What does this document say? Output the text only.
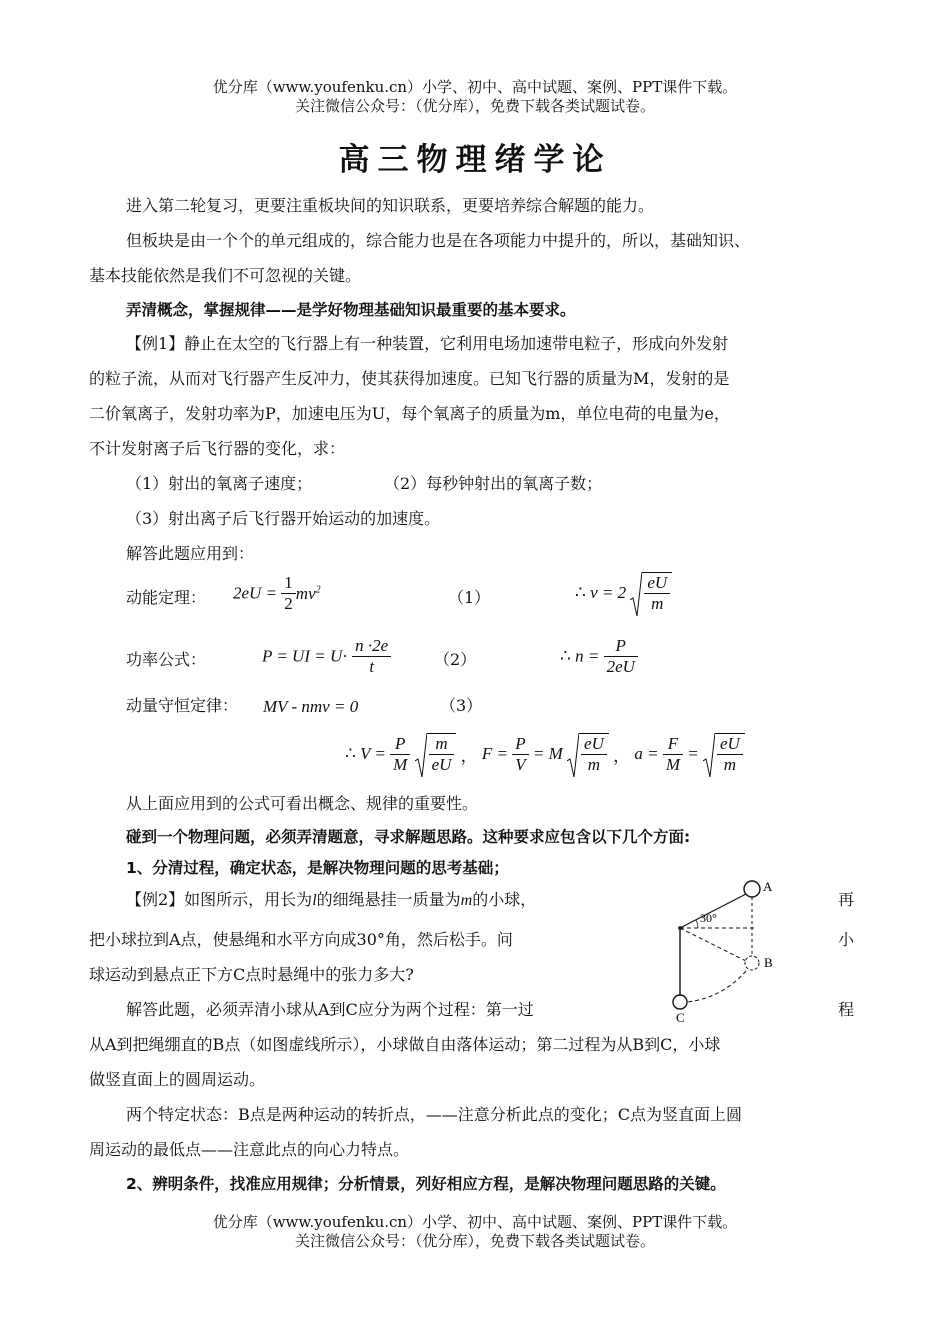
优分库（www.youfenku.cn）小学、初中、高中试题、案例、PPT课件下载。
关注微信公众号：（优分库），免费下载各类试题试卷。
高三物理绪学论
进入第二轮复习，更要注重板块间的知识联系，更要培养综合解题的能力。
但板块是由一个个的单元组成的，综合能力也是在各项能力中提升的，所以，基础知识、
基本技能依然是我们不可忽视的关键。
弄清概念，掌握规律——是学好物理基础知识最重要的基本要求。
【例1】静止在太空的飞行器上有一种装置，它利用电场加速带电粒子，形成向外发射
的粒子流，从而对飞行器产生反冲力，使其获得加速度。已知飞行器的质量为M，发射的是
二价氧离子，发射功率为P，加速电压为U，每个氧离子的质量为m，单位电荷的电量为e，
不计发射离子后飞行器的变化，求：
（1）射出的氧离子速度；	（2）每秒钟射出的氧离子数；
（3）射出离子后飞行器开始运动的加速度。
解答此题应用到：
动能定理： $2eU = \frac{1}{2} mv^2$	（1）	∴ $v = 2 \frac{eU}{m}$
功率公式：	P = UI = $U\cdot \frac{n \cdot 2e}{t}$	（2）	∴ $n = \frac{P}{2eU}$
动量守恒定律： MV - nmv = 0	（3）
∴ $V = \frac{P}{M}$
$\frac{m}{eU}$ ， $F = \frac{P}{V} = M \frac{eU}{m}$ ， $a = \frac{F}{M} = \frac{eU}{m}$
从上面应用到的公式可看出概念、规律的重要性。
碰到一个物理问题，必须弄清题意，寻求解题思路。这种要求应包含以下几个方面:
1、分清过程，确定状态，是解决物理问题的思考基础；
【例2】如图所示，用长为l的细绳悬挂一质量为m的小球，	再
把小球拉到A点，使悬绳和水平方向成30°角，然后松手。问	小
球运动到悬点正下方C点时悬绳中的张力多大?
解答此题，必须弄清小球从A到C应分为两个过程：第一过	程
从A到把绳绷直的B点（如图虚线所示），小球做自由落体运动；第二过程为从B到C，小球
做竖直面上的圆周运动。
两个特定状态：B点是两种运动的转折点，——注意分析此点的变化；C点为竖直面上圆
周运动的最低点——注意此点的向心力特点。
30°
A
B
C
2、辨明条件，找准应用规律；分析情景，列好相应方程，是解决物理问题思路的关键。
优分库（www.youfenku.cn）小学、初中、高中试题、案例、PPT课件下载。
关注微信公众号：（优分库），免费下载各类试题试卷。
